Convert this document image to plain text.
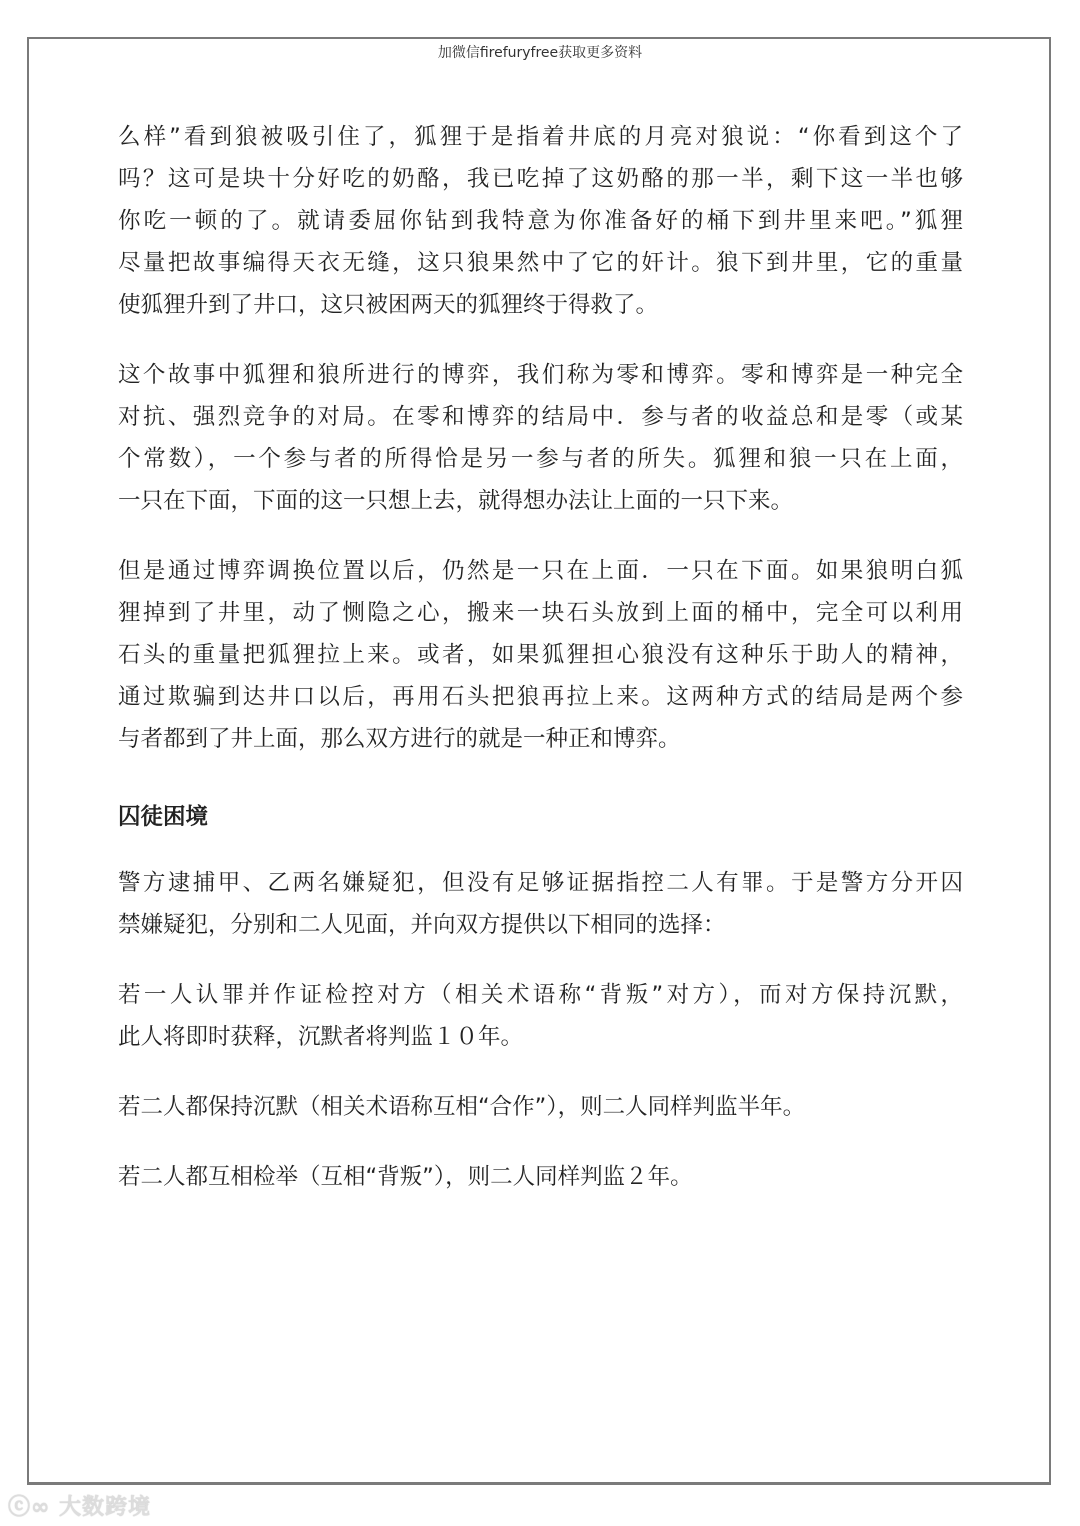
加微信firefuryfree获取更多资料
么样”看到狼被吸引住了，狐狸于是指着井底的月亮对狼说：“你看到这个了
吗？这可是块十分好吃的奶酪，我已吃掉了这奶酪的那一半，剩下这一半也够
你吃一顿的了。就请委屈你钻到我特意为你准备好的桶下到井里来吧。”狐狸
尽量把故事编得天衣无缝，这只狼果然中了它的奸计。狼下到井里，它的重量
使狐狸升到了井口，这只被困两天的狐狸终于得救了。
这个故事中狐狸和狼所进行的博弈，我们称为零和博弈。零和博弈是一种完全
对抗、强烈竞争的对局。在零和博弈的结局中．参与者的收益总和是零（或某
个常数），一个参与者的所得恰是另一参与者的所失。狐狸和狼一只在上面，
一只在下面，下面的这一只想上去，就得想办法让上面的一只下来。
但是通过博弈调换位置以后，仍然是一只在上面．一只在下面。如果狼明白狐
狸掉到了井里，动了恻隐之心，搬来一块石头放到上面的桶中，完全可以利用
石头的重量把狐狸拉上来。或者，如果狐狸担心狼没有这种乐于助人的精神，
通过欺骗到达井口以后，再用石头把狼再拉上来。这两种方式的结局是两个参
与者都到了井上面，那么双方进行的就是一种正和博弈。
囚徒困境
警方逮捕甲、乙两名嫌疑犯，但没有足够证据指控二人有罪。于是警方分开囚
禁嫌疑犯，分别和二人见面，并向双方提供以下相同的选择：
若一人认罪并作证检控对方（相关术语称“背叛”对方），而对方保持沉默，
此人将即时获释，沉默者将判监１０年。
若二人都保持沉默（相关术语称互相“合作”），则二人同样判监半年。
若二人都互相检举（互相“背叛”），则二人同样判监２年。
ⓒ∞ 大数跨境
